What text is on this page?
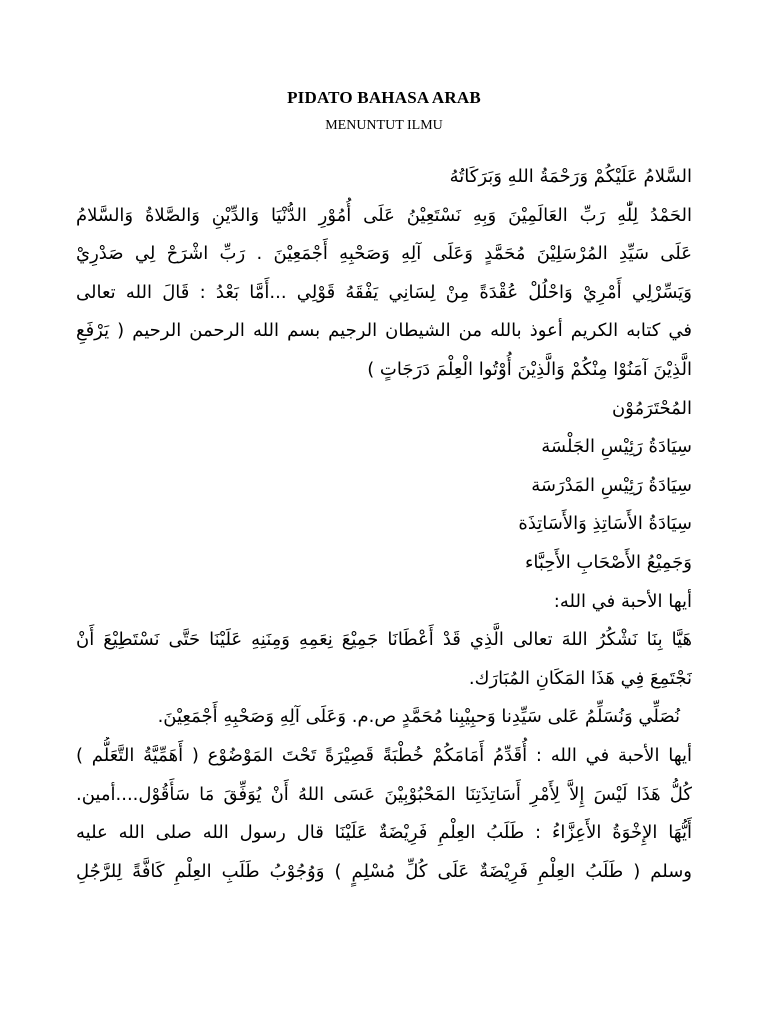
PIDATO BAHASA ARAB
MENUNTUT ILMU
السَّلامُ عَلَيْكُمْ وَرَحْمَةُ اللهِ وَبَرَكَاتُهُ
الحَمْدُ لِلّٰهِ رَبِّ العَالَمِيْنَ وَبِهِ نَسْتَعِيْنُ عَلَى أُمُوْرِ الدُّنْيَا وَالدِّيْنِ وَالصَّلاةُ وَالسَّلامُ
عَلَى سَيِّدِ المُرْسَلِيْنَ مُحَمَّدٍ وَعَلَى آلِهِ وَصَحْبِهِ أَجْمَعِيْنَ . رَبِّ اشْرَحْ لِي صَدْرِيْ
وَيَسِّرْلِي أَمْرِيْ وَاحْلُلْ عُقْدَةً مِنْ لِسَانِي يَفْقَهُ قَوْلِي ...أَمَّا بَعْدُ : قَالَ الله تعالى
في كتابه الكريم أعوذ بالله من الشيطان الرجيم بسم الله الرحمن الرحيم ( يَرْفَعِ
الَّذِيْنَ آمَنُوْا مِنْكُمْ وَالَّذِيْنَ أُوْتُوا الْعِلْمَ دَرَجَاتٍ )
المُحْتَرَمُوْن
سِيَادَةُ رَئِيْسِ الجَلْسَة
سِيَادَةُ رَئِيْسِ المَدْرَسَة
سِيَادَةُ الأَسَاتِذِ وَالأَسَاتِذَة
وَجَمِيْعُ الأَصْحَابِ الأَحِبَّاء
أيها الأحبة في الله:
هَيَّا بِنَا نَشْكُرُ اللهَ تعالى الَّذِي قَدْ أَعْطَانَا جَمِيْعَ نِعَمِهِ وَمِنَنِهِ عَلَيْنَا حَتَّى نَسْتَطِيْعَ أَنْ
نَجْتَمِعَ فِي هَذَا المَكَانِ المُبَارَك.
نُصَلِّي وَنُسَلِّمُ عَلى سَيِّدِنا وَحبِيْبِنا مُحَمَّدٍ ص.م. وَعَلَى آلِهِ وَصَحْبِهِ أَجْمَعِيْنَ.
أيها الأحبة في الله : أُقَدِّمُ أَمَامَكُمْ خُطْبَةً قَصِيْرَةً تَحْتَ المَوْضُوْع ( أَهَمِّيَّةُ التَّعَلُّم )
كُلُّ هَذَا لَيْسَ إِلاَّ لِأَمْرِ أَسَاتِذَتِنَا المَحْبُوْبِيْنَ عَسَى اللهُ أَنْ يُوَفِّقَ مَا سَأَقُوْل....أمين.
أَيُّهَا الإِخْوَةُ الأَعِزَّاءُ : طَلَبُ العِلْمِ فَرِيْضَةٌ عَلَيْنَا قال رسول الله صلى الله عليه
وسلم ( طَلَبُ العِلْمِ فَرِيْضَةٌ عَلَى كُلِّ مُسْلِمٍ ) وَوُجُوْبُ طَلَبِ العِلْمِ كَافَّةً لِلرَّجُلِ
